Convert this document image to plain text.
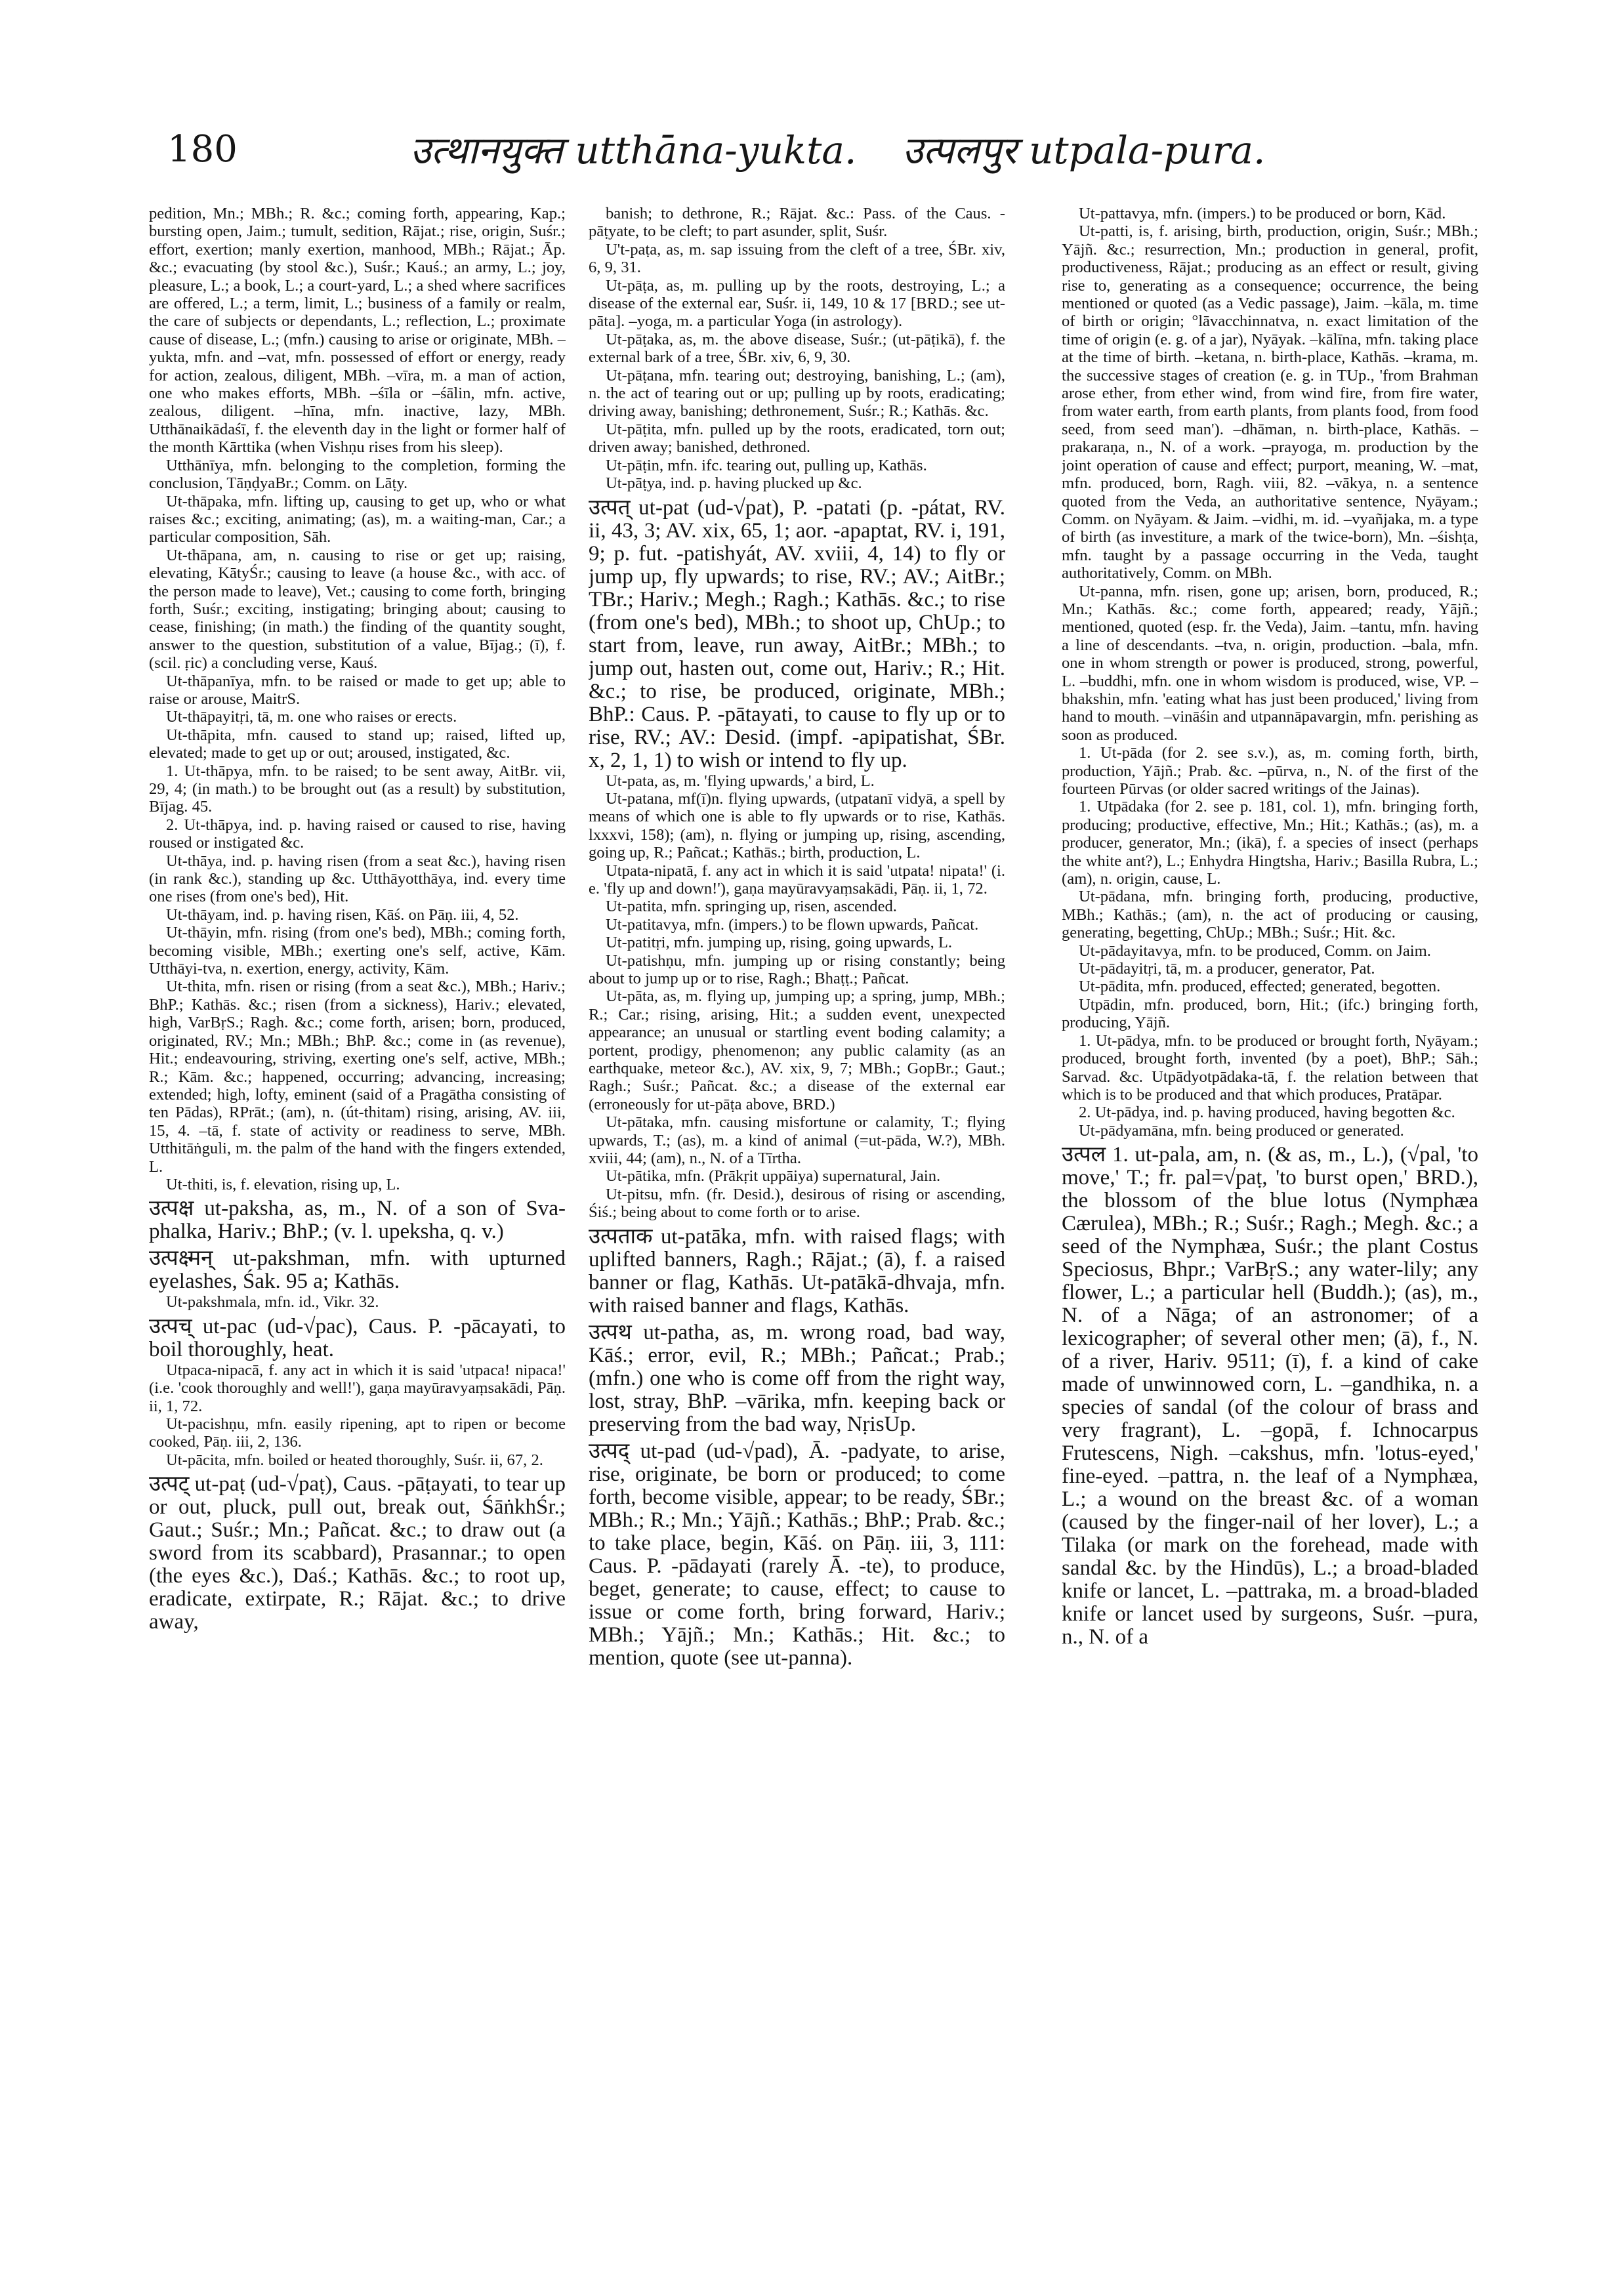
180	उत्थानयुक्त utthāna-yukta. उत्पलपुर utpala-pura.

pedition, Mn.; MBh.; R. &c.; coming forth, appearing, Kap.; bursting open, Jaim.; tumult, sedition, Rājat.; rise, origin, Suśr.; effort, exertion; manly exertion, manhood, MBh.; Rājat.; Āp. &c.; evacuating (by stool &c.), Suśr.; Kauś.; an army, L.; joy, pleasure, L.; a book, L.; a court-yard, L.; a shed where sacrifices are offered, L.; a term, limit, L.; business of a family or realm, the care of subjects or dependants, L.; reflection, L.; proximate cause of disease, L.; (mfn.) causing to arise or originate, MBh. –yukta, mfn. and –vat, mfn. possessed of effort or energy, ready for action, zealous, diligent, MBh. –vīra, m. a man of action, one who makes efforts, MBh. –śīla or –śālin, mfn. active, zealous, diligent. –hīna, mfn. inactive, lazy, MBh. Utthānaikādaśī, f. the eleventh day in the light or former half of the month Kārttika (when Vishṇu rises from his sleep).

Utthānīya, mfn. belonging to the completion, forming the conclusion, TāṇḍyaBr.; Comm. on Lāṭy.

Ut-thāpaka, mfn. lifting up, causing to get up, who or what raises &c.; exciting, animating; (as), m. a waiting-man, Car.; a particular composition, Sāh.

Ut-thāpana, am, n. causing to rise or get up; raising, elevating, KātyŚr.; causing to leave (a house &c., with acc. of the person made to leave), Vet.; causing to come forth, bringing forth, Suśr.; exciting, instigating; bringing about; causing to cease, finishing; (in math.) the finding of the quantity sought, answer to the question, substitution of a value, Bījag.; (ī), f. (scil. ṛic) a concluding verse, Kauś.

Ut-thāpanīya, mfn. to be raised or made to get up; able to raise or arouse, MaitrS.

Ut-thāpayitṛi, tā, m. one who raises or erects.

Ut-thāpita, mfn. caused to stand up; raised, lifted up, elevated; made to get up or out; aroused, instigated, &c.

1. Ut-thāpya, mfn. to be raised; to be sent away, AitBr. vii, 29, 4; (in math.) to be brought out (as a result) by substitution, Bījag. 45.

2. Ut-thāpya, ind. p. having raised or caused to rise, having roused or instigated &c.

Ut-thāya, ind. p. having risen (from a seat &c.), having risen (in rank &c.), standing up &c. Utthāyotthāya, ind. every time one rises (from one's bed), Hit.

Ut-thāyam, ind. p. having risen, Kāś. on Pāṇ. iii, 4, 52.

Ut-thāyin, mfn. rising (from one's bed), MBh.; coming forth, becoming visible, MBh.; exerting one's self, active, Kām. Utthāyi-tva, n. exertion, energy, activity, Kām.

Ut-thita, mfn. risen or rising (from a seat &c.), MBh.; Hariv.; BhP.; Kathās. &c.; risen (from a sickness), Hariv.; elevated, high, VarBṛS.; Ragh. &c.; come forth, arisen; born, produced, originated, RV.; Mn.; MBh.; BhP. &c.; come in (as revenue), Hit.; endeavouring, striving, exerting one's self, active, MBh.; R.; Kām. &c.; happened, occurring; advancing, increasing; extended; high, lofty, eminent (said of a Pragātha consisting of ten Pādas), RPrāt.; (am), n. (út-thitam) rising, arising, AV. iii, 15, 4. –tā, f. state of activity or readiness to serve, MBh. Utthitāṅguli, m. the palm of the hand with the fingers extended, L.

Ut-thiti, is, f. elevation, rising up, L.

उत्पक्ष ut-paksha, as, m., N. of a son of Sva-phalka, Hariv.; BhP.; (v. l. upeksha, q. v.)

उत्पक्ष्मन् ut-pakshman, mfn. with upturned eyelashes, Śak. 95 a; Kathās.

Ut-pakshmala, mfn. id., Vikr. 32.

उत्पच् ut-pac (ud-√pac), Caus. P. -pācayati, to boil thoroughly, heat.

Utpaca-nipacā, f. any act in which it is said 'utpaca! nipaca!' (i.e. 'cook thoroughly and well!'), gaṇa mayūravyaṃsakādi, Pāṇ. ii, 1, 72.

Ut-pacishṇu, mfn. easily ripening, apt to ripen or become cooked, Pāṇ. iii, 2, 136.

Ut-pācita, mfn. boiled or heated thoroughly, Suśr. ii, 67, 2.

उत्पट् ut-paṭ (ud-√paṭ), Caus. -pāṭayati, to tear up or out, pluck, pull out, break out, ŚāṅkhŚr.; Gaut.; Suśr.; Mn.; Pañcat. &c.; to draw out (a sword from its scabbard), Prasannar.; to open (the eyes &c.), Daś.; Kathās. &c.; to root up, eradicate, extirpate, R.; Rājat. &c.; to drive away,

banish; to dethrone, R.; Rājat. &c.: Pass. of the Caus. -pāṭyate, to be cleft; to part asunder, split, Suśr.

U't-paṭa, as, m. sap issuing from the cleft of a tree, ŚBr. xiv, 6, 9, 31.

Ut-pāṭa, as, m. pulling up by the roots, destroying, L.; a disease of the external ear, Suśr. ii, 149, 10 & 17 [BRD.; see ut-pāta]. –yoga, m. a particular Yoga (in astrology).

Ut-pāṭaka, as, m. the above disease, Suśr.; (ut-pāṭikā), f. the external bark of a tree, ŚBr. xiv, 6, 9, 30.

Ut-pāṭana, mfn. tearing out; destroying, banishing, L.; (am), n. the act of tearing out or up; pulling up by roots, eradicating; driving away, banishing; dethronement, Suśr.; R.; Kathās. &c.

Ut-pāṭita, mfn. pulled up by the roots, eradicated, torn out; driven away; banished, dethroned.

Ut-pāṭin, mfn. ifc. tearing out, pulling up, Kathās.

Ut-pāṭya, ind. p. having plucked up &c.

उत्पत् ut-pat (ud-√pat), P. -patati (p. -pátat, RV. ii, 43, 3; AV. xix, 65, 1; aor. -apaptat, RV. i, 191, 9; p. fut. -patishyát, AV. xviii, 4, 14) to fly or jump up, fly upwards; to rise, RV.; AV.; AitBr.; TBr.; Hariv.; Megh.; Ragh.; Kathās. &c.; to rise (from one's bed), MBh.; to shoot up, ChUp.; to start from, leave, run away, AitBr.; MBh.; to jump out, hasten out, come out, Hariv.; R.; Hit. &c.; to rise, be produced, originate, MBh.; BhP.: Caus. P. -pātayati, to cause to fly up or to rise, RV.; AV.: Desid. (impf. -apipatishat, ŚBr. x, 2, 1, 1) to wish or intend to fly up.

Ut-pata, as, m. 'flying upwards,' a bird, L.

Ut-patana, mf(ī)n. flying upwards, (utpatanī vidyā, a spell by means of which one is able to fly upwards or to rise, Kathās. lxxxvi, 158); (am), n. flying or jumping up, rising, ascending, going up, R.; Pañcat.; Kathās.; birth, production, L.

Utpata-nipatā, f. any act in which it is said 'utpata! nipata!' (i. e. 'fly up and down!'), gaṇa mayūravyaṃsakādi, Pāṇ. ii, 1, 72.

Ut-patita, mfn. springing up, risen, ascended.

Ut-patitavya, mfn. (impers.) to be flown upwards, Pañcat.

Ut-patitṛi, mfn. jumping up, rising, going upwards, L.

Ut-patishṇu, mfn. jumping up or rising constantly; being about to jump up or to rise, Ragh.; Bhaṭṭ.; Pañcat.

Ut-pāta, as, m. flying up, jumping up; a spring, jump, MBh.; R.; Car.; rising, arising, Hit.; a sudden event, unexpected appearance; an unusual or startling event boding calamity; a portent, prodigy, phenomenon; any public calamity (as an earthquake, meteor &c.), AV. xix, 9, 7; MBh.; GopBr.; Gaut.; Ragh.; Suśr.; Pañcat. &c.; a disease of the external ear (erroneously for ut-pāṭa above, BRD.)

Ut-pātaka, mfn. causing misfortune or calamity, T.; flying upwards, T.; (as), m. a kind of animal (=ut-pāda, W.?), MBh. xviii, 44; (am), n., N. of a Tīrtha.

Ut-pātika, mfn. (Prākṛit uppāiya) supernatural, Jain.

Ut-pitsu, mfn. (fr. Desid.), desirous of rising or ascending, Śiś.; being about to come forth or to arise.

उत्पताक ut-patāka, mfn. with raised flags; with uplifted banners, Ragh.; Rājat.; (ā), f. a raised banner or flag, Kathās. Ut-patākā-dhvaja, mfn. with raised banner and flags, Kathās.

उत्पथ ut-patha, as, m. wrong road, bad way, Kāś.; error, evil, R.; MBh.; Pañcat.; Prab.; (mfn.) one who is come off from the right way, lost, stray, BhP. –vārika, mfn. keeping back or preserving from the bad way, NṛisUp.

उत्पद् ut-pad (ud-√pad), Ā. -padyate, to arise, rise, originate, be born or produced; to come forth, become visible, appear; to be ready, ŚBr.; MBh.; R.; Mn.; Yājñ.; Kathās.; BhP.; Prab. &c.; to take place, begin, Kāś. on Pāṇ. iii, 3, 111: Caus. P. -pādayati (rarely Ā. -te), to produce, beget, generate; to cause, effect; to cause to issue or come forth, bring forward, Hariv.; MBh.; Yājñ.; Mn.; Kathās.; Hit. &c.; to mention, quote (see ut-panna).

Ut-pattavya, mfn. (impers.) to be produced or born, Kād.

Ut-patti, is, f. arising, birth, production, origin, Suśr.; MBh.; Yājñ. &c.; resurrection, Mn.; production in general, profit, productiveness, Rājat.; producing as an effect or result, giving rise to, generating as a consequence; occurrence, the being mentioned or quoted (as a Vedic passage), Jaim. –kāla, m. time of birth or origin; °lāvacchinnatva, n. exact limitation of the time of origin (e. g. of a jar), Nyāyak. –kālīna, mfn. taking place at the time of birth. –ketana, n. birth-place, Kathās. –krama, m. the successive stages of creation (e. g. in TUp., 'from Brahman arose ether, from ether wind, from wind fire, from fire water, from water earth, from earth plants, from plants food, from food seed, from seed man'). –dhāman, n. birth-place, Kathās. –prakaraṇa, n., N. of a work. –prayoga, m. production by the joint operation of cause and effect; purport, meaning, W. –mat, mfn. produced, born, Ragh. viii, 82. –vākya, n. a sentence quoted from the Veda, an authoritative sentence, Nyāyam.; Comm. on Nyāyam. & Jaim. –vidhi, m. id. –vyañjaka, m. a type of birth (as investiture, a mark of the twice-born), Mn. –śishṭa, mfn. taught by a passage occurring in the Veda, taught authoritatively, Comm. on MBh.

Ut-panna, mfn. risen, gone up; arisen, born, produced, R.; Mn.; Kathās. &c.; come forth, appeared; ready, Yājñ.; mentioned, quoted (esp. fr. the Veda), Jaim. –tantu, mfn. having a line of descendants. –tva, n. origin, production. –bala, mfn. one in whom strength or power is produced, strong, powerful, L. –buddhi, mfn. one in whom wisdom is produced, wise, VP. –bhakshin, mfn. 'eating what has just been produced,' living from hand to mouth. –vināśin and utpannāpavargin, mfn. perishing as soon as produced.

1. Ut-pāda (for 2. see s.v.), as, m. coming forth, birth, production, Yājñ.; Prab. &c. –pūrva, n., N. of the first of the fourteen Pūrvas (or older sacred writings of the Jainas).

1. Utpādaka (for 2. see p. 181, col. 1), mfn. bringing forth, producing; productive, effective, Mn.; Hit.; Kathās.; (as), m. a producer, generator, Mn.; (ikā), f. a species of insect (perhaps the white ant?), L.; Enhydra Hingtsha, Hariv.; Basilla Rubra, L.; (am), n. origin, cause, L.

Ut-pādana, mfn. bringing forth, producing, productive, MBh.; Kathās.; (am), n. the act of producing or causing, generating, begetting, ChUp.; MBh.; Suśr.; Hit. &c.

Ut-pādayitavya, mfn. to be produced, Comm. on Jaim.

Ut-pādayitṛi, tā, m. a producer, generator, Pat.

Ut-pādita, mfn. produced, effected; generated, begotten.

Utpādin, mfn. produced, born, Hit.; (ifc.) bringing forth, producing, Yājñ.

1. Ut-pādya, mfn. to be produced or brought forth, Nyāyam.; produced, brought forth, invented (by a poet), BhP.; Sāh.; Sarvad. &c. Utpādyotpādaka-tā, f. the relation between that which is to be produced and that which produces, Pratāpar.

2. Ut-pādya, ind. p. having produced, having begotten &c.

Ut-pādyamāna, mfn. being produced or generated.

उत्पल 1. ut-pala, am, n. (& as, m., L.), (√pal, 'to move,' T.; fr. pal=√paṭ, 'to burst open,' BRD.), the blossom of the blue lotus (Nymphæa Cærulea), MBh.; R.; Suśr.; Ragh.; Megh. &c.; a seed of the Nymphæa, Suśr.; the plant Costus Speciosus, Bhpr.; VarBṛS.; any water-lily; any flower, L.; a particular hell (Buddh.); (as), m., N. of a Nāga; of an astronomer; of a lexicographer; of several other men; (ā), f., N. of a river, Hariv. 9511; (ī), f. a kind of cake made of unwinnowed corn, L. –gandhika, n. a species of sandal (of the colour of brass and very fragrant), L. –gopā, f. Ichnocarpus Frutescens, Nigh. –cakshus, mfn. 'lotus-eyed,' fine-eyed. –pattra, n. the leaf of a Nymphæa, L.; a wound on the breast &c. of a woman (caused by the finger-nail of her lover), L.; a Tilaka (or mark on the forehead, made with sandal &c. by the Hindūs), L.; a broad-bladed knife or lancet, L. –pattraka, m. a broad-bladed knife or lancet used by surgeons, Suśr. –pura, n., N. of a
